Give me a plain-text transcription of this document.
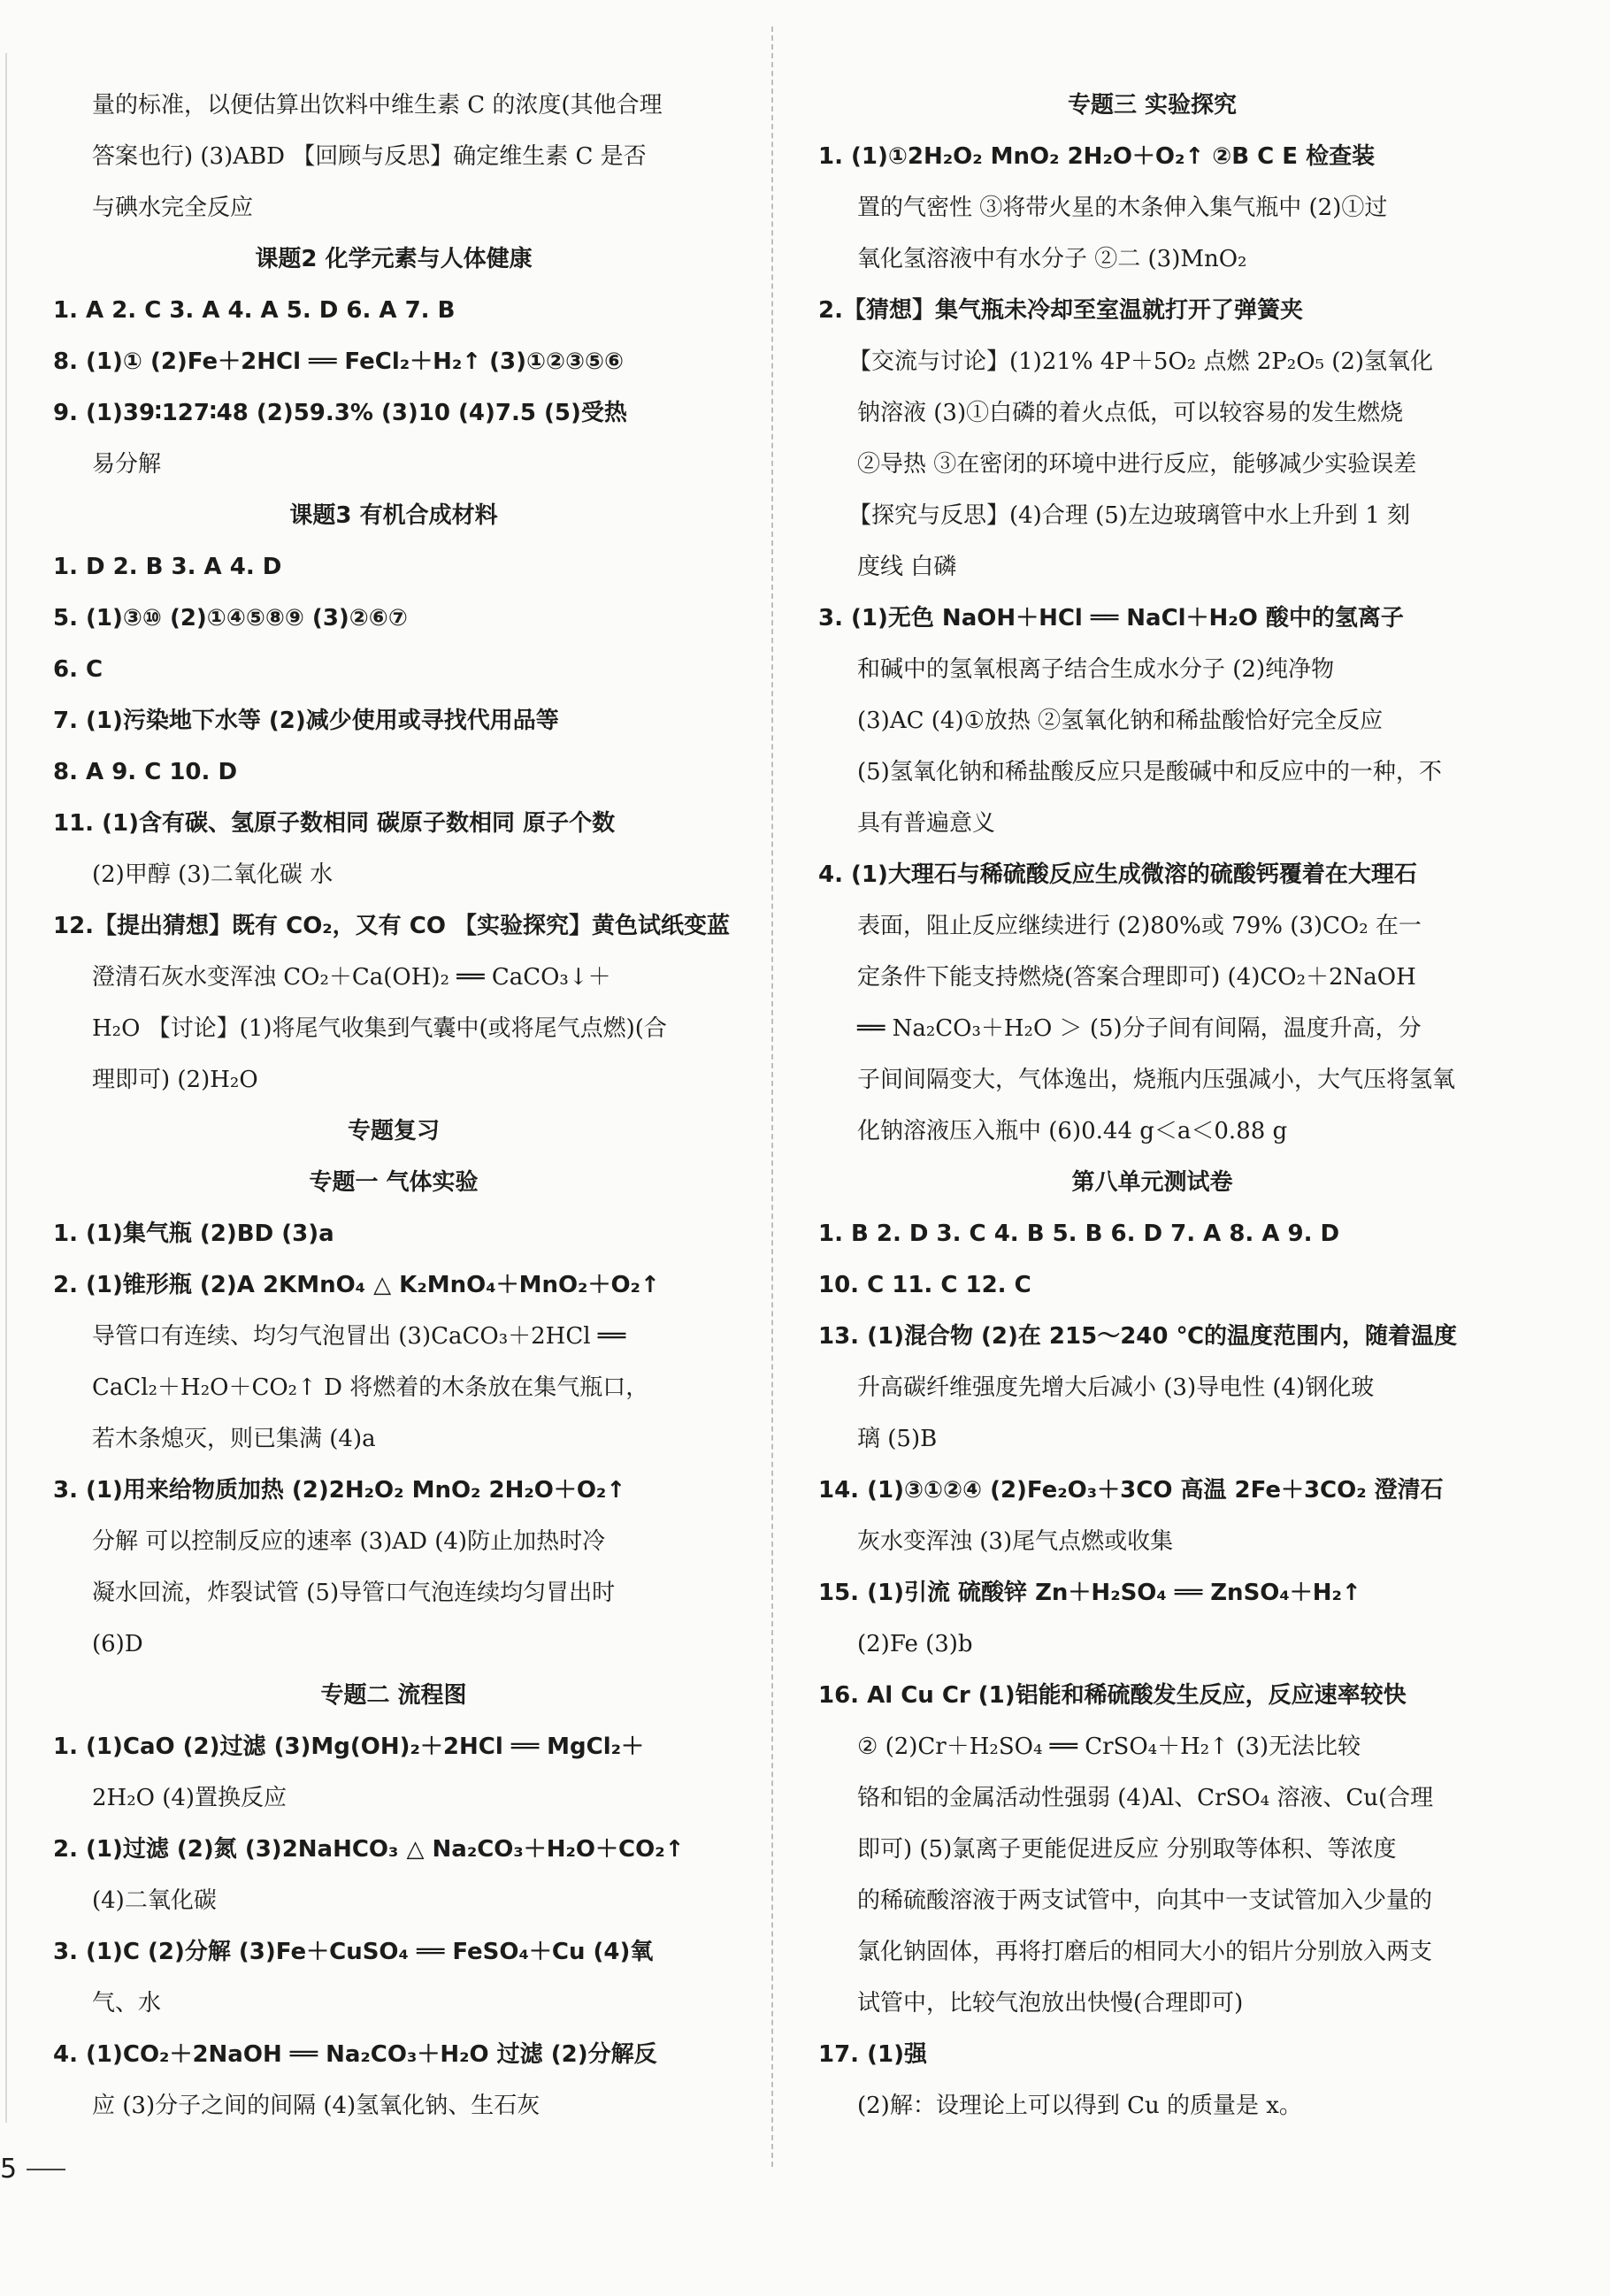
量的标准，以便估算出饮料中维生素 C 的浓度(其他合理
答案也行) (3)ABD 【回顾与反思】确定维生素 C 是否
与碘水完全反应
课题2 化学元素与人体健康
1. A 2. C 3. A 4. A 5. D 6. A 7. B
8. (1)① (2)Fe＋2HCl ══ FeCl₂＋H₂↑ (3)①②③⑤⑥
9. (1)39∶127∶48 (2)59.3% (3)10 (4)7.5 (5)受热
易分解
课题3 有机合成材料
1. D 2. B 3. A 4. D
5. (1)③⑩ (2)①④⑤⑧⑨ (3)②⑥⑦
6. C
7. (1)污染地下水等 (2)减少使用或寻找代用品等
8. A 9. C 10. D
11. (1)含有碳、氢原子数相同 碳原子数相同 原子个数
(2)甲醇 (3)二氧化碳 水
12.【提出猜想】既有 CO₂，又有 CO 【实验探究】黄色试纸变蓝
澄清石灰水变浑浊 CO₂＋Ca(OH)₂ ══ CaCO₃↓＋
H₂O 【讨论】(1)将尾气收集到气囊中(或将尾气点燃)(合
理即可) (2)H₂O
专题复习
专题一 气体实验
1. (1)集气瓶 (2)BD (3)a
2. (1)锥形瓶 (2)A 2KMnO₄ △ K₂MnO₄＋MnO₂＋O₂↑
导管口有连续、均匀气泡冒出 (3)CaCO₃＋2HCl ══
CaCl₂＋H₂O＋CO₂↑ D 将燃着的木条放在集气瓶口，
若木条熄灭，则已集满 (4)a
3. (1)用来给物质加热 (2)2H₂O₂ MnO₂ 2H₂O＋O₂↑
分解 可以控制反应的速率 (3)AD (4)防止加热时冷
凝水回流，炸裂试管 (5)导管口气泡连续均匀冒出时
(6)D
专题二 流程图
1. (1)CaO (2)过滤 (3)Mg(OH)₂＋2HCl ══ MgCl₂＋
2H₂O (4)置换反应
2. (1)过滤 (2)氮 (3)2NaHCO₃ △ Na₂CO₃＋H₂O＋CO₂↑
(4)二氧化碳
3. (1)C (2)分解 (3)Fe＋CuSO₄ ══ FeSO₄＋Cu (4)氧
气、水
4. (1)CO₂＋2NaOH ══ Na₂CO₃＋H₂O 过滤 (2)分解反
应 (3)分子之间的间隔 (4)氢氧化钠、生石灰
专题三 实验探究
1. (1)①2H₂O₂ MnO₂ 2H₂O＋O₂↑ ②B C E 检查装
置的气密性 ③将带火星的木条伸入集气瓶中 (2)①过
氧化氢溶液中有水分子 ②二 (3)MnO₂
2.【猜想】集气瓶未冷却至室温就打开了弹簧夹
【交流与讨论】(1)21% 4P＋5O₂ 点燃 2P₂O₅ (2)氢氧化
钠溶液 (3)①白磷的着火点低，可以较容易的发生燃烧
②导热 ③在密闭的环境中进行反应，能够减少实验误差
【探究与反思】(4)合理 (5)左边玻璃管中水上升到 1 刻
度线 白磷
3. (1)无色 NaOH＋HCl ══ NaCl＋H₂O 酸中的氢离子
和碱中的氢氧根离子结合生成水分子 (2)纯净物
(3)AC (4)①放热 ②氢氧化钠和稀盐酸恰好完全反应
(5)氢氧化钠和稀盐酸反应只是酸碱中和反应中的一种，不
具有普遍意义
4. (1)大理石与稀硫酸反应生成微溶的硫酸钙覆着在大理石
表面，阻止反应继续进行 (2)80%或 79% (3)CO₂ 在一
定条件下能支持燃烧(答案合理即可) (4)CO₂＋2NaOH
══ Na₂CO₃＋H₂O ＞ (5)分子间有间隔，温度升高，分
子间间隔变大，气体逸出，烧瓶内压强减小，大气压将氢氧
化钠溶液压入瓶中 (6)0.44 g＜a＜0.88 g
第八单元测试卷
1. B 2. D 3. C 4. B 5. B 6. D 7. A 8. A 9. D
10. C 11. C 12. C
13. (1)混合物 (2)在 215～240 ℃的温度范围内，随着温度
升高碳纤维强度先增大后减小 (3)导电性 (4)钢化玻
璃 (5)B
14. (1)③①②④ (2)Fe₂O₃＋3CO 高温 2Fe＋3CO₂ 澄清石
灰水变浑浊 (3)尾气点燃或收集
15. (1)引流 硫酸锌 Zn＋H₂SO₄ ══ ZnSO₄＋H₂↑
(2)Fe (3)b
16. Al Cu Cr (1)铝能和稀硫酸发生反应，反应速率较快
② (2)Cr＋H₂SO₄ ══ CrSO₄＋H₂↑ (3)无法比较
铬和铝的金属活动性强弱 (4)Al、CrSO₄ 溶液、Cu(合理
即可) (5)氯离子更能促进反应 分别取等体积、等浓度
的稀硫酸溶液于两支试管中，向其中一支试管加入少量的
氯化钠固体，再将打磨后的相同大小的铝片分别放入两支
试管中，比较气泡放出快慢(合理即可)
17. (1)强
(2)解：设理论上可以得到 Cu 的质量是 x。
5
